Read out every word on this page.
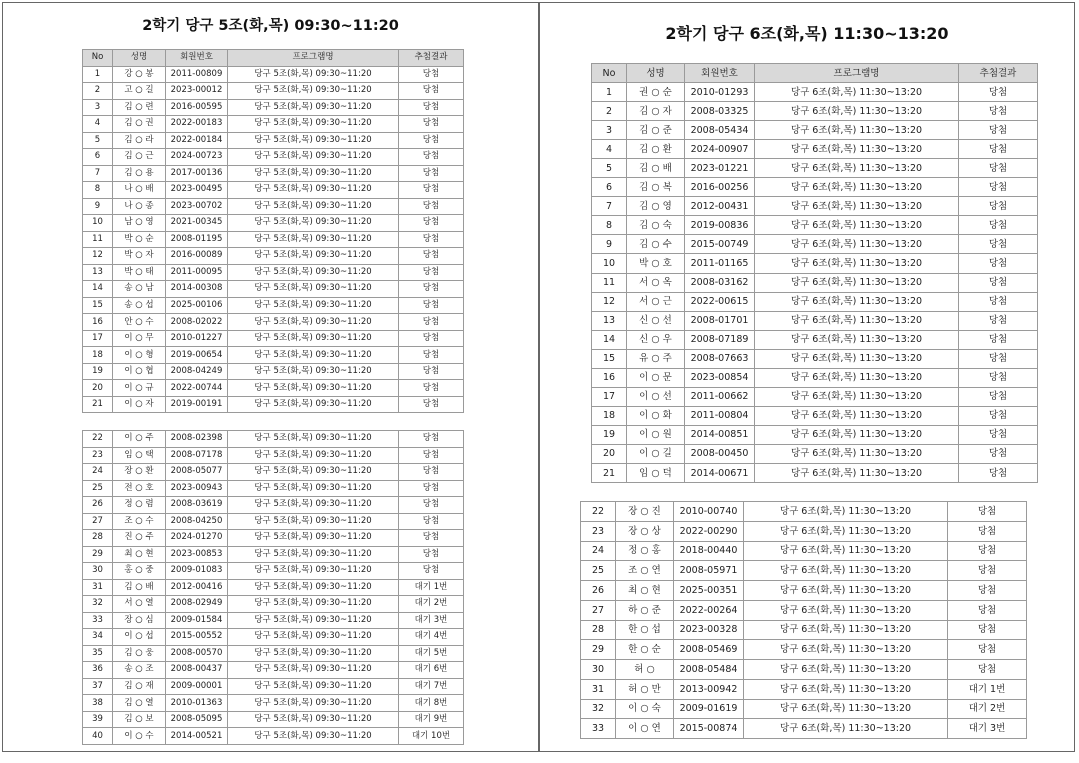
2학기 당구 5조(화,목) 09:30~11:20
No	성명	회원번호	프로그램명	추첨결과
1	강 ○ 봉	2011-00809	당구 5조(화,목) 09:30~11:20	당첨
2	고 ○ 길	2023-00012	당구 5조(화,목) 09:30~11:20	당첨
3	김 ○ 련	2016-00595	당구 5조(화,목) 09:30~11:20	당첨
4	김 ○ 권	2022-00183	당구 5조(화,목) 09:30~11:20	당첨
5	김 ○ 라	2022-00184	당구 5조(화,목) 09:30~11:20	당첨
6	김 ○ 근	2024-00723	당구 5조(화,목) 09:30~11:20	당첨
7	김 ○ 용	2017-00136	당구 5조(화,목) 09:30~11:20	당첨
8	나 ○ 배	2023-00495	당구 5조(화,목) 09:30~11:20	당첨
9	나 ○ 종	2023-00702	당구 5조(화,목) 09:30~11:20	당첨
10	남 ○ 영	2021-00345	당구 5조(화,목) 09:30~11:20	당첨
11	박 ○ 순	2008-01195	당구 5조(화,목) 09:30~11:20	당첨
12	박 ○ 자	2016-00089	당구 5조(화,목) 09:30~11:20	당첨
13	박 ○ 태	2011-00095	당구 5조(화,목) 09:30~11:20	당첨
14	송 ○ 남	2014-00308	당구 5조(화,목) 09:30~11:20	당첨
15	송 ○ 섭	2025-00106	당구 5조(화,목) 09:30~11:20	당첨
16	안 ○ 수	2008-02022	당구 5조(화,목) 09:30~11:20	당첨
17	이 ○ 무	2010-01227	당구 5조(화,목) 09:30~11:20	당첨
18	이 ○ 형	2019-00654	당구 5조(화,목) 09:30~11:20	당첨
19	이 ○ 협	2008-04249	당구 5조(화,목) 09:30~11:20	당첨
20	이 ○ 규	2022-00744	당구 5조(화,목) 09:30~11:20	당첨
21	이 ○ 자	2019-00191	당구 5조(화,목) 09:30~11:20	당첨
22	이 ○ 주	2008-02398	당구 5조(화,목) 09:30~11:20	당첨
23	임 ○ 택	2008-07178	당구 5조(화,목) 09:30~11:20	당첨
24	장 ○ 환	2008-05077	당구 5조(화,목) 09:30~11:20	당첨
25	전 ○ 호	2023-00943	당구 5조(화,목) 09:30~11:20	당첨
26	정 ○ 렴	2008-03619	당구 5조(화,목) 09:30~11:20	당첨
27	조 ○ 수	2008-04250	당구 5조(화,목) 09:30~11:20	당첨
28	진 ○ 주	2024-01270	당구 5조(화,목) 09:30~11:20	당첨
29	최 ○ 현	2023-00853	당구 5조(화,목) 09:30~11:20	당첨
30	홍 ○ 중	2009-01083	당구 5조(화,목) 09:30~11:20	당첨
31	김 ○ 배	2012-00416	당구 5조(화,목) 09:30~11:20	대기 1번
32	서 ○ 열	2008-02949	당구 5조(화,목) 09:30~11:20	대기 2번
33	장 ○ 심	2009-01584	당구 5조(화,목) 09:30~11:20	대기 3번
34	이 ○ 섭	2015-00552	당구 5조(화,목) 09:30~11:20	대기 4번
35	김 ○ 웅	2008-00570	당구 5조(화,목) 09:30~11:20	대기 5번
36	송 ○ 조	2008-00437	당구 5조(화,목) 09:30~11:20	대기 6번
37	김 ○ 재	2009-00001	당구 5조(화,목) 09:30~11:20	대기 7번
38	김 ○ 열	2010-01363	당구 5조(화,목) 09:30~11:20	대기 8번
39	김 ○ 보	2008-05095	당구 5조(화,목) 09:30~11:20	대기 9번
40	이 ○ 수	2014-00521	당구 5조(화,목) 09:30~11:20	대기 10번
2학기 당구 6조(화,목) 11:30~13:20
No	성명	회원번호	프로그램명	추첨결과
1	권 ○ 순	2010-01293	당구 6조(화,목) 11:30~13:20	당첨
2	김 ○ 자	2008-03325	당구 6조(화,목) 11:30~13:20	당첨
3	김 ○ 준	2008-05434	당구 6조(화,목) 11:30~13:20	당첨
4	김 ○ 환	2024-00907	당구 6조(화,목) 11:30~13:20	당첨
5	김 ○ 배	2023-01221	당구 6조(화,목) 11:30~13:20	당첨
6	김 ○ 복	2016-00256	당구 6조(화,목) 11:30~13:20	당첨
7	김 ○ 영	2012-00431	당구 6조(화,목) 11:30~13:20	당첨
8	김 ○ 숙	2019-00836	당구 6조(화,목) 11:30~13:20	당첨
9	김 ○ 수	2015-00749	당구 6조(화,목) 11:30~13:20	당첨
10	박 ○ 호	2011-01165	당구 6조(화,목) 11:30~13:20	당첨
11	서 ○ 옥	2008-03162	당구 6조(화,목) 11:30~13:20	당첨
12	서 ○ 근	2022-00615	당구 6조(화,목) 11:30~13:20	당첨
13	신 ○ 선	2008-01701	당구 6조(화,목) 11:30~13:20	당첨
14	신 ○ 우	2008-07189	당구 6조(화,목) 11:30~13:20	당첨
15	유 ○ 주	2008-07663	당구 6조(화,목) 11:30~13:20	당첨
16	이 ○ 문	2023-00854	당구 6조(화,목) 11:30~13:20	당첨
17	이 ○ 선	2011-00662	당구 6조(화,목) 11:30~13:20	당첨
18	이 ○ 화	2011-00804	당구 6조(화,목) 11:30~13:20	당첨
19	이 ○ 원	2014-00851	당구 6조(화,목) 11:30~13:20	당첨
20	이 ○ 길	2008-00450	당구 6조(화,목) 11:30~13:20	당첨
21	임 ○ 덕	2014-00671	당구 6조(화,목) 11:30~13:20	당첨
22	장 ○ 진	2010-00740	당구 6조(화,목) 11:30~13:20	당첨
23	장 ○ 상	2022-00290	당구 6조(화,목) 11:30~13:20	당첨
24	정 ○ 홍	2018-00440	당구 6조(화,목) 11:30~13:20	당첨
25	조 ○ 연	2008-05971	당구 6조(화,목) 11:30~13:20	당첨
26	최 ○ 현	2025-00351	당구 6조(화,목) 11:30~13:20	당첨
27	하 ○ 준	2022-00264	당구 6조(화,목) 11:30~13:20	당첨
28	한 ○ 섭	2023-00328	당구 6조(화,목) 11:30~13:20	당첨
29	한 ○ 순	2008-05469	당구 6조(화,목) 11:30~13:20	당첨
30	허 ○	2008-05484	당구 6조(화,목) 11:30~13:20	당첨
31	허 ○ 만	2013-00942	당구 6조(화,목) 11:30~13:20	대기 1번
32	이 ○ 숙	2009-01619	당구 6조(화,목) 11:30~13:20	대기 2번
33	이 ○ 연	2015-00874	당구 6조(화,목) 11:30~13:20	대기 3번
